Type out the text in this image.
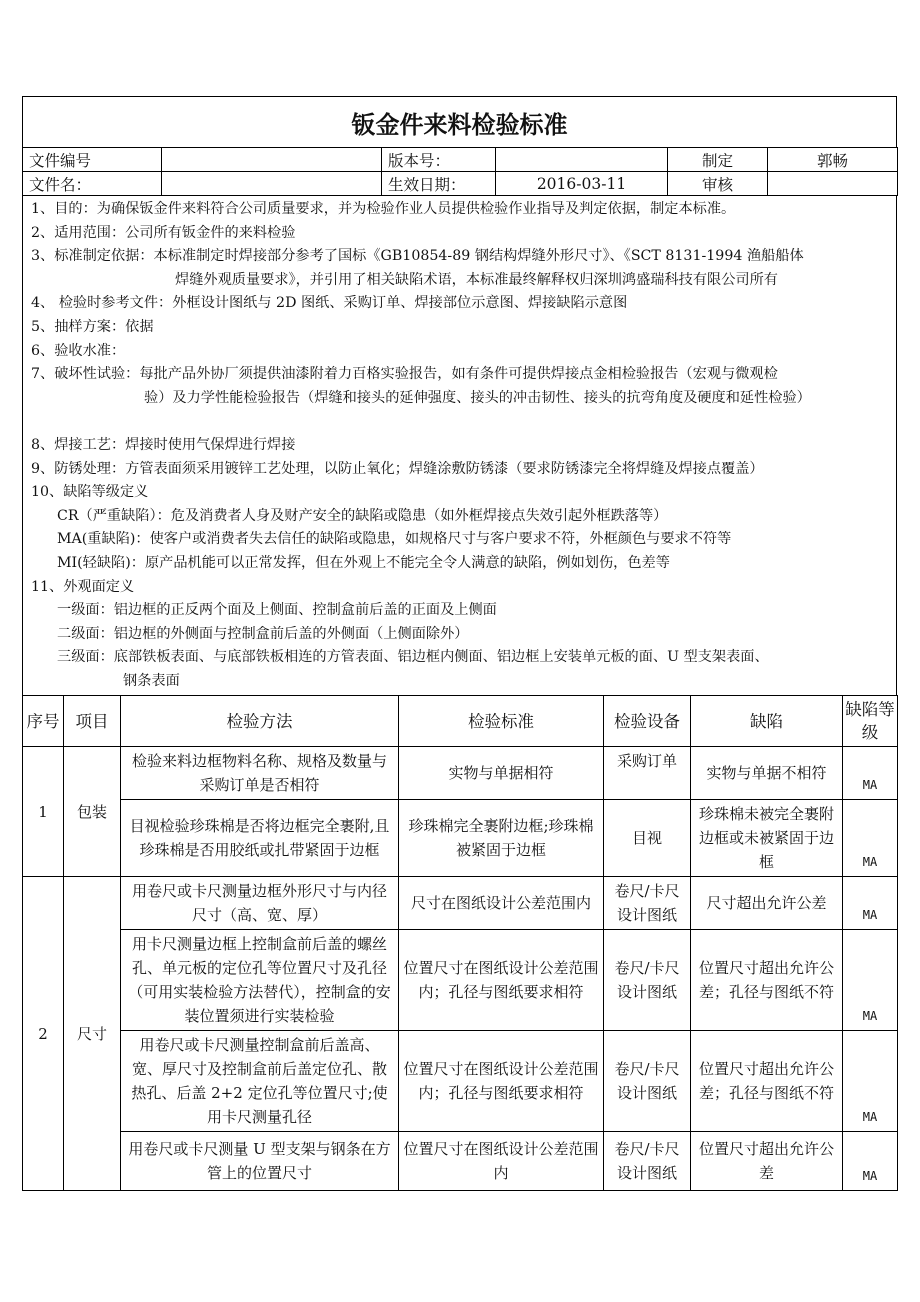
钣金件来料检验标准
文件编号		版本号：		制定	郭畅
文件名：		生效日期：	2016-03-11	审核	
1、目的：为确保钣金件来料符合公司质量要求，并为检验作业人员提供检验作业指导及判定依据，制定本标准。
2、适用范围：公司所有钣金件的来料检验
3、标准制定依据：本标准制定时焊接部分参考了国标《GB10854-89 钢结构焊缝外形尺寸》、《SCT 8131-1994 渔船船体
焊缝外观质量要求》，并引用了相关缺陷术语，本标准最终解释权归深圳鸿盛瑞科技有限公司所有
4、 检验时参考文件：外框设计图纸与 2D 图纸、采购订单、焊接部位示意图、焊接缺陷示意图
5、抽样方案：依据
6、验收水准：
7、破坏性试验：每批产品外协厂须提供油漆附着力百格实验报告，如有条件可提供焊接点金相检验报告（宏观与微观检
验）及力学性能检验报告（焊缝和接头的延伸强度、接头的冲击韧性、接头的抗弯角度及硬度和延性检验）
8、焊接工艺：焊接时使用气保焊进行焊接
9、防锈处理：方管表面须采用镀锌工艺处理，以防止氧化；焊缝涂敷防锈漆（要求防锈漆完全将焊缝及焊接点覆盖）
10、缺陷等级定义
CR（严重缺陷）：危及消费者人身及财产安全的缺陷或隐患（如外框焊接点失效引起外框跌落等）
MA(重缺陷)：使客户或消费者失去信任的缺陷或隐患，如规格尺寸与客户要求不符，外框颜色与要求不符等
MI(轻缺陷)：原产品机能可以正常发挥，但在外观上不能完全令人满意的缺陷，例如划伤，色差等
11、外观面定义
一级面：铝边框的正反两个面及上侧面、控制盒前后盖的正面及上侧面
二级面：铝边框的外侧面与控制盒前后盖的外侧面（上侧面除外）
三级面：底部铁板表面、与底部铁板相连的方管表面、铝边框内侧面、铝边框上安装单元板的面、U 型支架表面、
钢条表面
序号	项目	检验方法	检验标准	检验设备	缺陷	缺陷等级
1	包装	检验来料边框物料名称、规格及数量与采购订单是否相符	实物与单据相符	采购订单	实物与单据不相符	MA
		目视检验珍珠棉是否将边框完全裹附,且珍珠棉是否用胶纸或扎带紧固于边框	珍珠棉完全裹附边框;珍珠棉被紧固于边框	目视	珍珠棉未被完全裹附边框或未被紧固于边框	MA
2	尺寸	用卷尺或卡尺测量边框外形尺寸与内径尺寸（高、宽、厚）	尺寸在图纸设计公差范围内	卷尺/卡尺设计图纸	尺寸超出允许公差	MA
		用卡尺测量边框上控制盒前后盖的螺丝孔、单元板的定位孔等位置尺寸及孔径（可用实装检验方法替代），控制盒的安装位置须进行实装检验	位置尺寸在图纸设计公差范围内；孔径与图纸要求相符	卷尺/卡尺设计图纸	位置尺寸超出允许公差；孔径与图纸不符	MA
		用卷尺或卡尺测量控制盒前后盖高、宽、厚尺寸及控制盒前后盖定位孔、散热孔、后盖 2+2 定位孔等位置尺寸;使用卡尺测量孔径	位置尺寸在图纸设计公差范围内；孔径与图纸要求相符	卷尺/卡尺设计图纸	位置尺寸超出允许公差；孔径与图纸不符	MA
		用卷尺或卡尺测量 U 型支架与钢条在方管上的位置尺寸	位置尺寸在图纸设计公差范围内	卷尺/卡尺设计图纸	位置尺寸超出允许公差	MA
